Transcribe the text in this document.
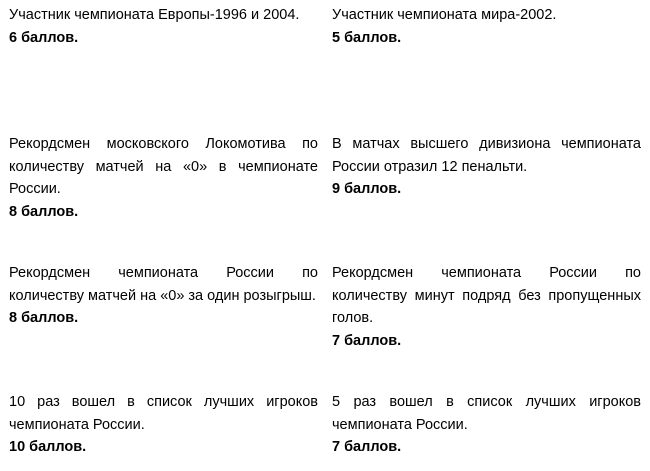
Участник чемпионата Европы-1996 и 2004.
6 баллов.
Участник чемпионата мира-2002.
5 баллов.
Рекордсмен московского Локомотива по количеству матчей на «0» в чемпионате России.
8 баллов.
В матчах высшего дивизиона чемпионата России отразил 12 пенальти.
9 баллов.
Рекордсмен чемпионата России по количеству матчей на «0» за один розыгрыш.
8 баллов.
Рекордсмен чемпионата России по количеству минут подряд без пропущенных голов.
7 баллов.
10 раз вошел в список лучших игроков чемпионата России.
10 баллов.
5 раз вошел в список лучших игроков чемпионата России.
7 баллов.
